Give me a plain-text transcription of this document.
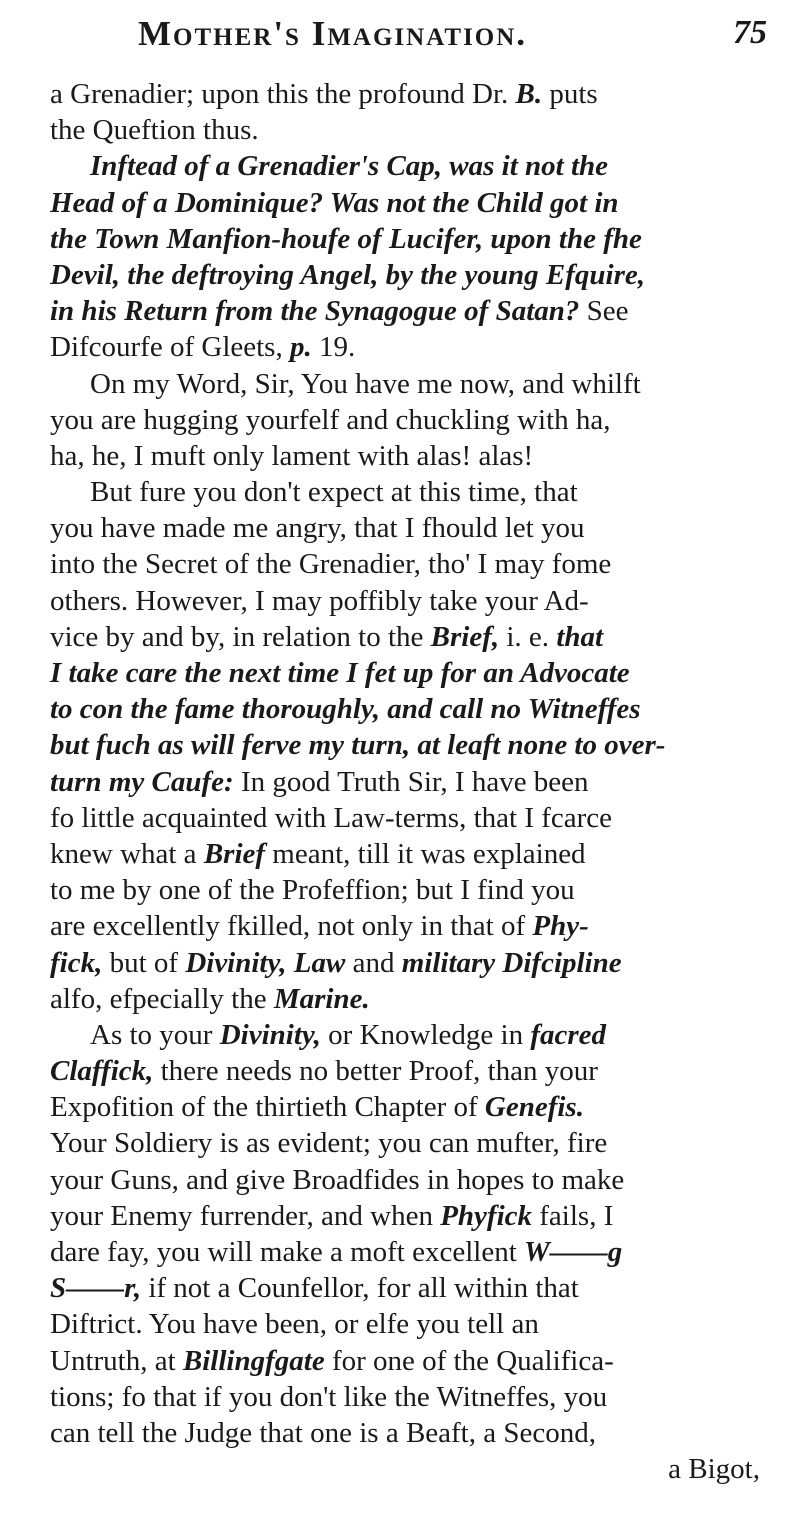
Mother's Imagination.	75
a Grenadier; upon this the profound Dr. B. puts
the Queftion thus.
Inftead of a Grenadier's Cap, was it not the
Head of a Dominique? Was not the Child got in
the Town Manfion-houfe of Lucifer, upon the fhe
Devil, the deftroying Angel, by the young Efquire,
in his Return from the Synagogue of Satan? See
Difcourfe of Gleets, p. 19.
On my Word, Sir, You have me now, and whilft
you are hugging yourfelf and chuckling with ha,
ha, he, I muft only lament with alas! alas!
But fure you don't expect at this time, that
you have made me angry, that I fhould let you
into the Secret of the Grenadier, tho' I may fome
others. However, I may poffibly take your Ad-
vice by and by, in relation to the Brief, i. e. that
I take care the next time I fet up for an Advocate
to con the fame thoroughly, and call no Witneffes
but fuch as will ferve my turn, at leaft none to over-
turn my Caufe: In good Truth Sir, I have been
fo little acquainted with Law-terms, that I fcarce
knew what a Brief meant, till it was explained
to me by one of the Profeffion; but I find you
are excellently fkilled, not only in that of Phy-
fick, but of Divinity, Law and military Difcipline
alfo, efpecially the Marine.
As to your Divinity, or Knowledge in facred
Claffick, there needs no better Proof, than your
Expofition of the thirtieth Chapter of Genefis.
Your Soldiery is as evident; you can mufter, fire
your Guns, and give Broadfides in hopes to make
your Enemy furrender, and when Phyfick fails, I
dare fay, you will make a moft excellent W——g
S——r, if not a Counfellor, for all within that
Diftrict. You have been, or elfe you tell an
Untruth, at Billingfgate for one of the Qualifica-
tions; fo that if you don't like the Witneffes, you
can tell the Judge that one is a Beaft, a Second,
a Bigot,
